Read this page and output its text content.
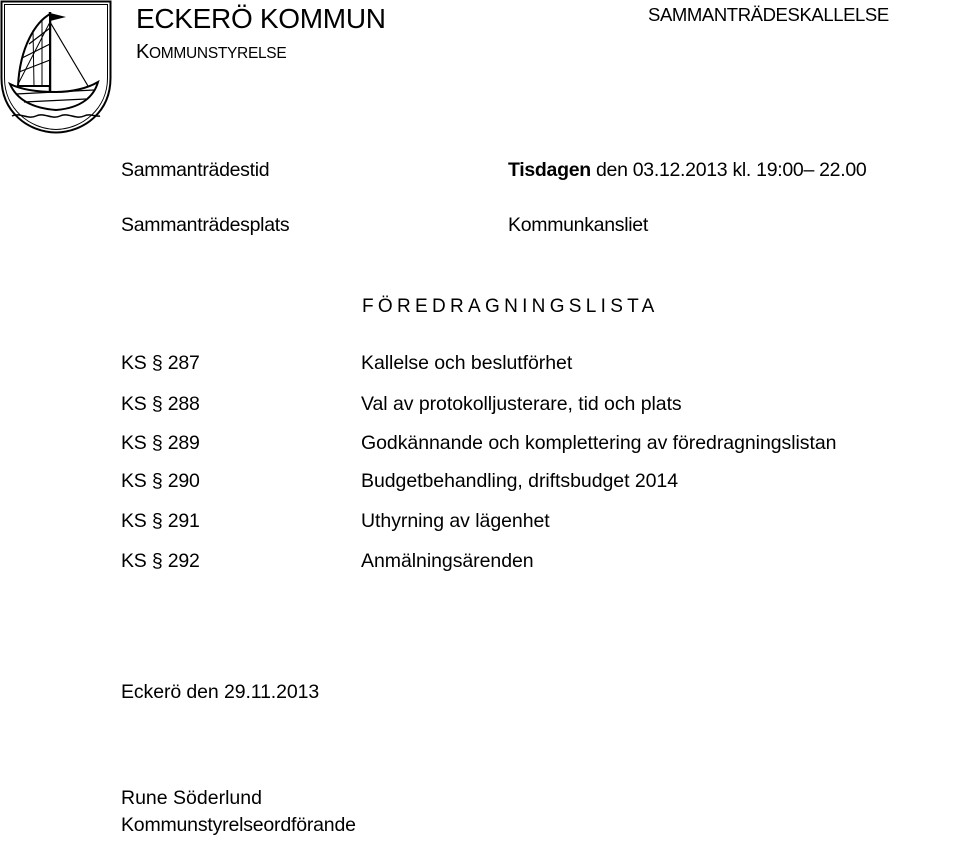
ECKERÖ KOMMUN
KOMMUNSTYRELSE
SAMMANTRÄDESKALLELSE
Sammanträdestid	Tisdagen den 03.12.2013 kl. 19:00– 22.00
Sammanträdesplats	Kommunkansliet
FÖREDRAGNINGSLISTA
KS § 287	Kallelse och beslutförhet
KS § 288	Val av protokolljusterare, tid och plats
KS § 289	Godkännande och komplettering av föredragningslistan
KS § 290	Budgetbehandling, driftsbudget 2014
KS § 291	Uthyrning av lägenhet
KS § 292	Anmälningsärenden
Eckerö den 29.11.2013
Rune Söderlund
Kommunstyrelseordförande
